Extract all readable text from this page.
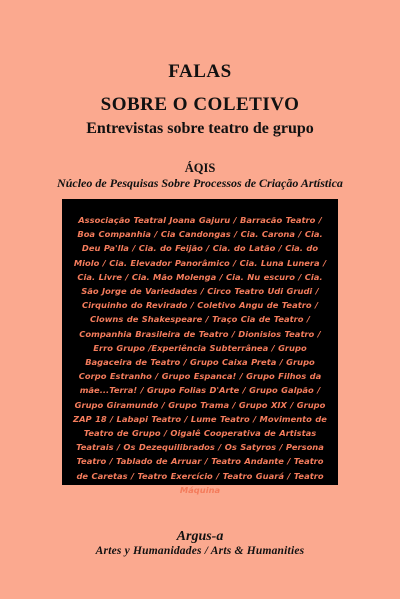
FALAS
SOBRE O COLETIVO
Entrevistas sobre teatro de grupo
ÁQIS
Núcleo de Pesquisas Sobre Processos de Criação Artística
Associação Teatral Joana Gajuru / Barracão Teatro / Boa Companhia / Cia Candongas / Cia. Carona / Cia. Deu Pa'lla / Cia. do Feijão / Cia. do Latão / Cia. do Miolo / Cia. Elevador Panorâmico / Cia. Luna Lunera / Cia. Livre / Cia. Mão Molenga / Cia. Nu escuro / Cia. São Jorge de Variedades / Circo Teatro Udi Grudi / Cirquinho do Revirado / Coletivo Angu de Teatro / Clowns de Shakespeare / Traço Cia de Teatro / Companhia Brasileira de Teatro / Dionisios Teatro / Erro Grupo /Experiência Subterrânea / Grupo Bagaceira de Teatro / Grupo Caixa Preta / Grupo Corpo Estranho / Grupo Espanca! / Grupo Filhos da mãe...Terra! / Grupo Folias D'Arte / Grupo Galpão / Grupo Giramundo / Grupo Trama / Grupo XIX / Grupo ZAP 18 / Labapi Teatro / Lume Teatro / Movimento de Teatro de Grupo / Oigalê Cooperativa de Artistas Teatrais / Os Dezequilibrados / Os Satyros / Persona Teatro / Tablado de Arruar / Teatro Andante / Teatro de Caretas / Teatro Exercício / Teatro Guará / Teatro Máquina
Argus-a
Artes y Humanidades / Arts & Humanities
